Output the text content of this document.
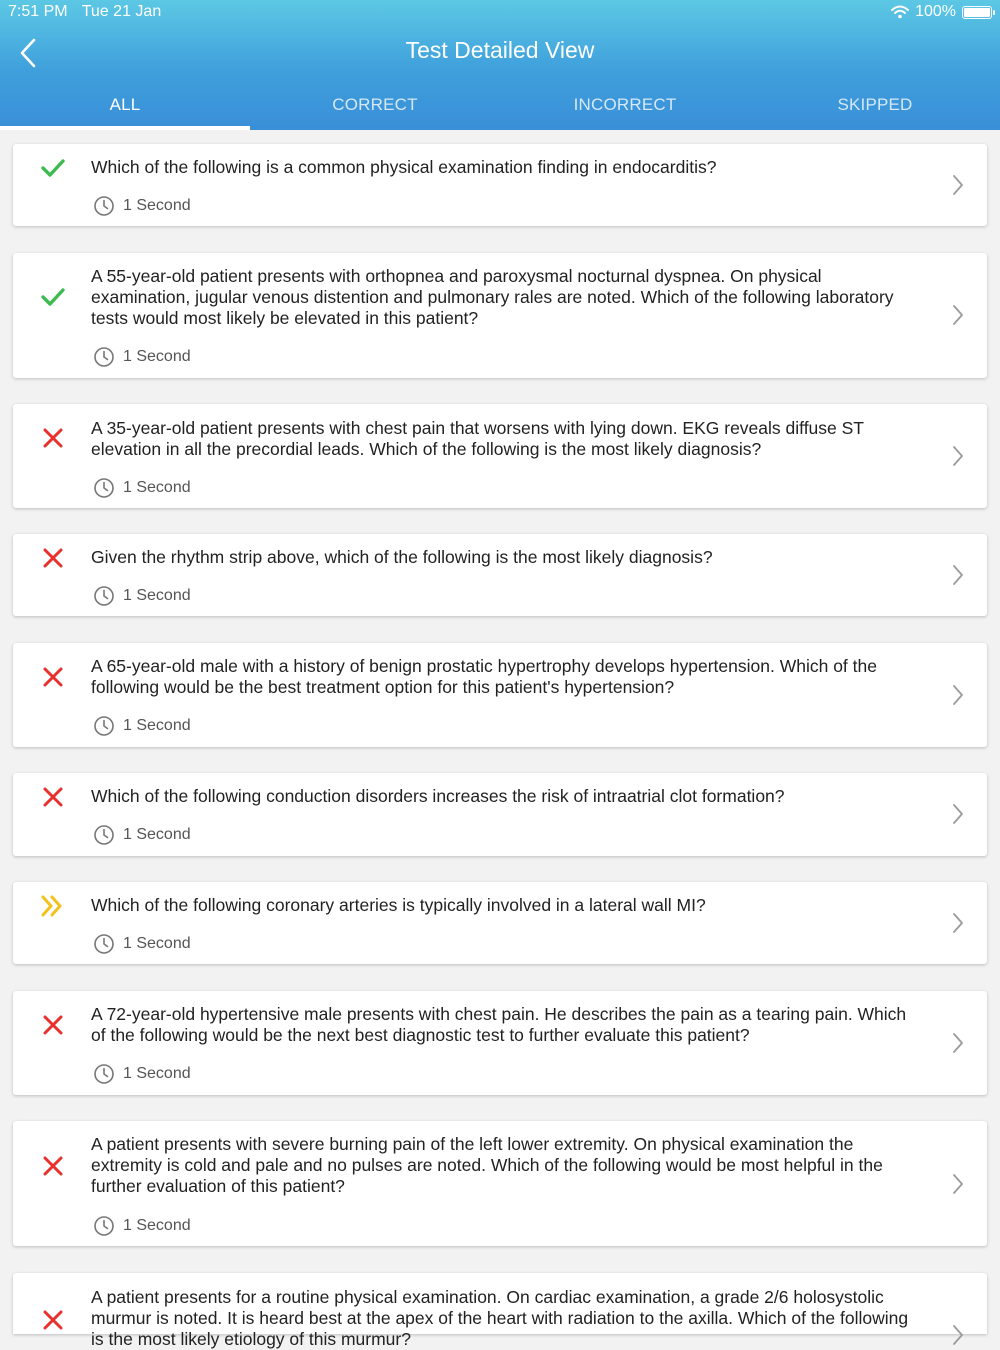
7:51 PM Tue 21 Jan	100%
Test Detailed View
ALL	CORRECT	INCORRECT	SKIPPED
Which of the following is a common physical examination finding in endocarditis?
1 Second
A 55-year-old patient presents with orthopnea and paroxysmal nocturnal dyspnea. On physical examination, jugular venous distention and pulmonary rales are noted. Which of the following laboratory tests would most likely be elevated in this patient?
1 Second
A 35-year-old patient presents with chest pain that worsens with lying down. EKG reveals diffuse ST elevation in all the precordial leads. Which of the following is the most likely diagnosis?
1 Second
Given the rhythm strip above, which of the following is the most likely diagnosis?
1 Second
A 65-year-old male with a history of benign prostatic hypertrophy develops hypertension. Which of the following would be the best treatment option for this patient's hypertension?
1 Second
Which of the following conduction disorders increases the risk of intraatrial clot formation?
1 Second
Which of the following coronary arteries is typically involved in a lateral wall MI?
1 Second
A 72-year-old hypertensive male presents with chest pain. He describes the pain as a tearing pain. Which of the following would be the next best diagnostic test to further evaluate this patient?
1 Second
A patient presents with severe burning pain of the left lower extremity. On physical examination the extremity is cold and pale and no pulses are noted. Which of the following would be most helpful in the further evaluation of this patient?
1 Second
A patient presents for a routine physical examination. On cardiac examination, a grade 2/6 holosystolic murmur is noted. It is heard best at the apex of the heart with radiation to the axilla. Which of the following is the most likely etiology of this murmur?
